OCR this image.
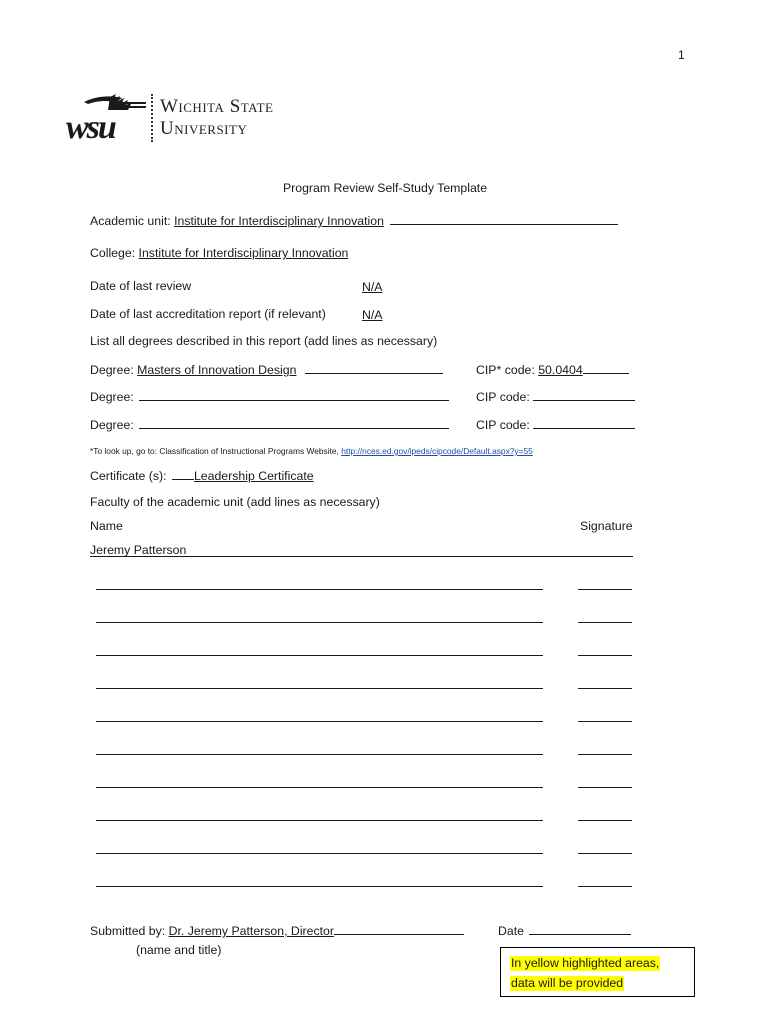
1
wsu
Wichita State
University
Program Review Self-Study Template
Academic unit: Institute for Interdisciplinary Innovation
College: Institute for Interdisciplinary Innovation
Date of last review	N/A
Date of last accreditation report (if relevant)	N/A
List all degrees described in this report (add lines as necessary)
Degree: Masters of Innovation Design	CIP* code: 50.0404
Degree:	CIP code:
Degree:	CIP code:
*To look up, go to: Classification of Instructional Programs Website, http://nces.ed.gov/ipeds/cipcode/Default.aspx?y=55
Certificate (s): Leadership Certificate
Faculty of the academic unit (add lines as necessary)
Name	Signature
Jeremy Patterson
Submitted by: Dr. Jeremy Patterson, Director
(name and title)
Date
In yellow highlighted areas,
data will be provided
